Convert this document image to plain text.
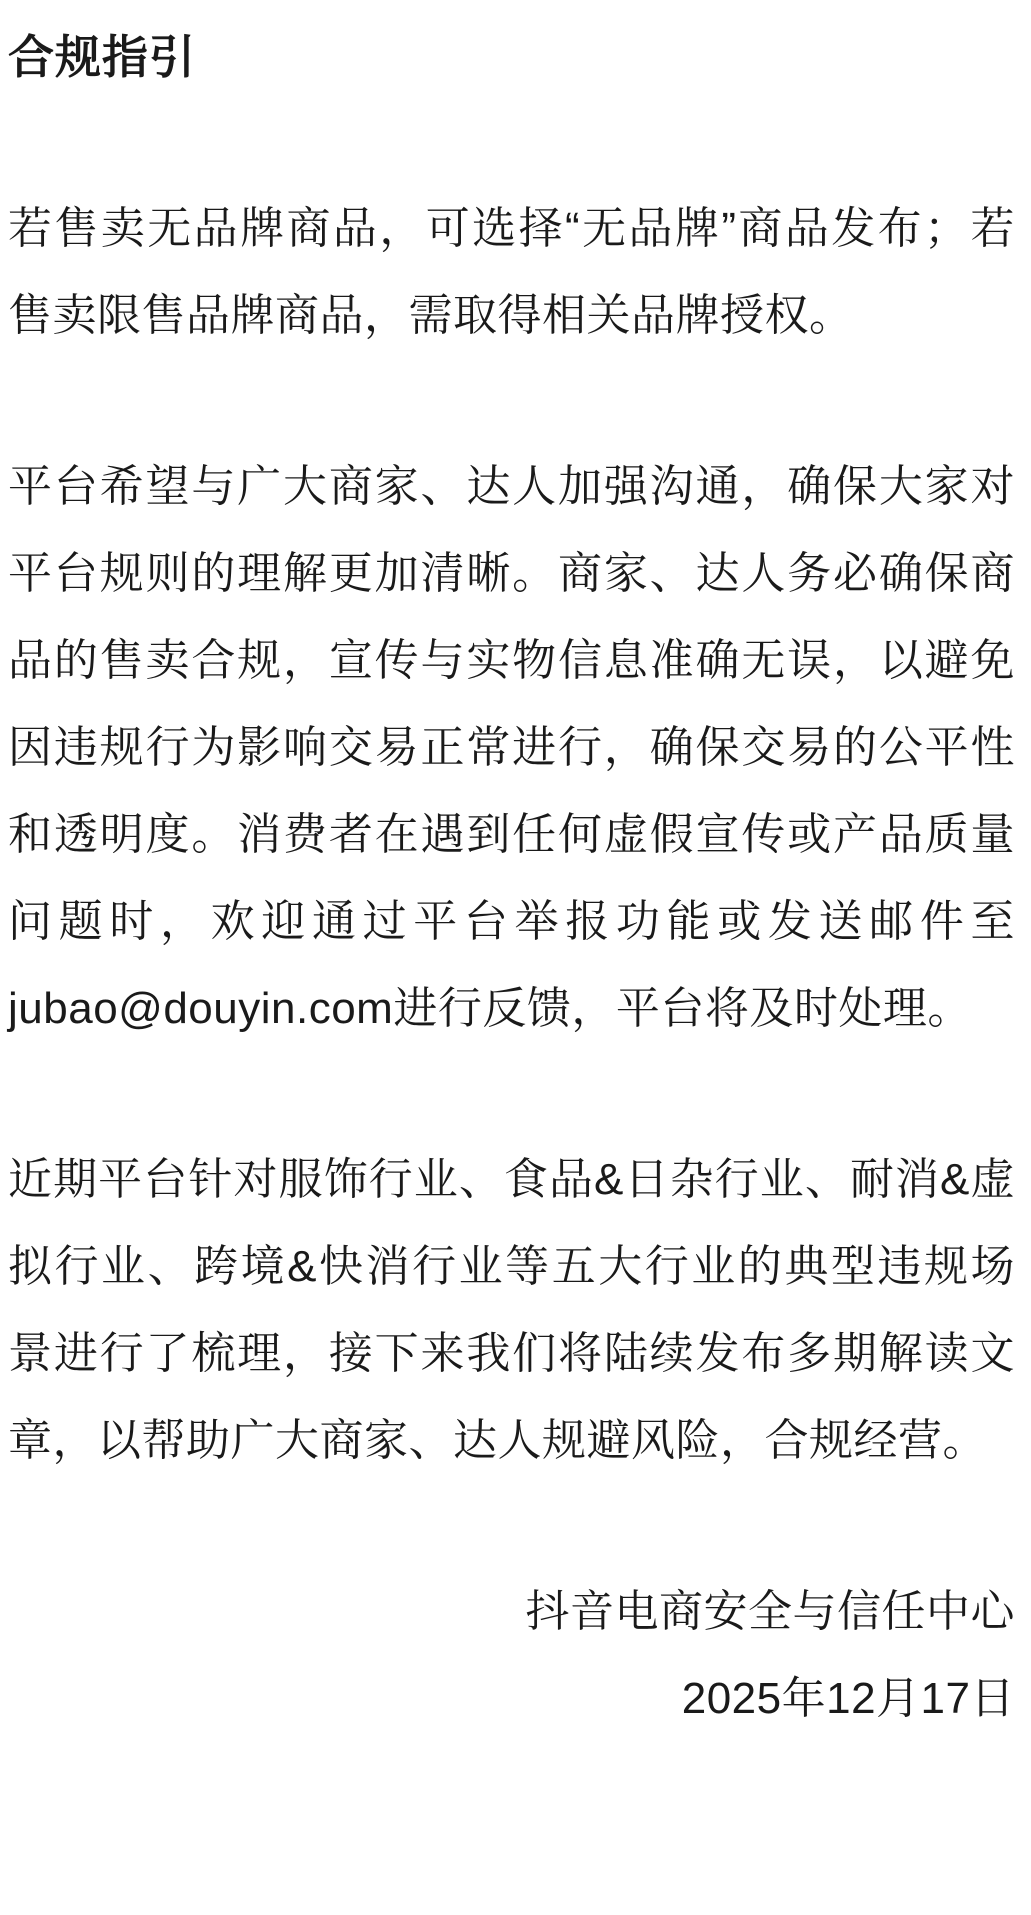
合规指引

若售卖无品牌商品，可选择“无品牌”商品发布；若售卖限售品牌商品，需取得相关品牌授权。

平台希望与广大商家、达人加强沟通，确保大家对平台规则的理解更加清晰。商家、达人务必确保商品的售卖合规，宣传与实物信息准确无误，以避免因违规行为影响交易正常进行，确保交易的公平性和透明度。消费者在遇到任何虚假宣传或产品质量问题时，欢迎通过平台举报功能或发送邮件至jubao@douyin.com进行反馈，平台将及时处理。

近期平台针对服饰行业、食品&日杂行业、耐消&虚拟行业、跨境&快消行业等五大行业的典型违规场景进行了梳理，接下来我们将陆续发布多期解读文章，以帮助广大商家、达人规避风险，合规经营。

抖音电商安全与信任中心
2025年12月17日
